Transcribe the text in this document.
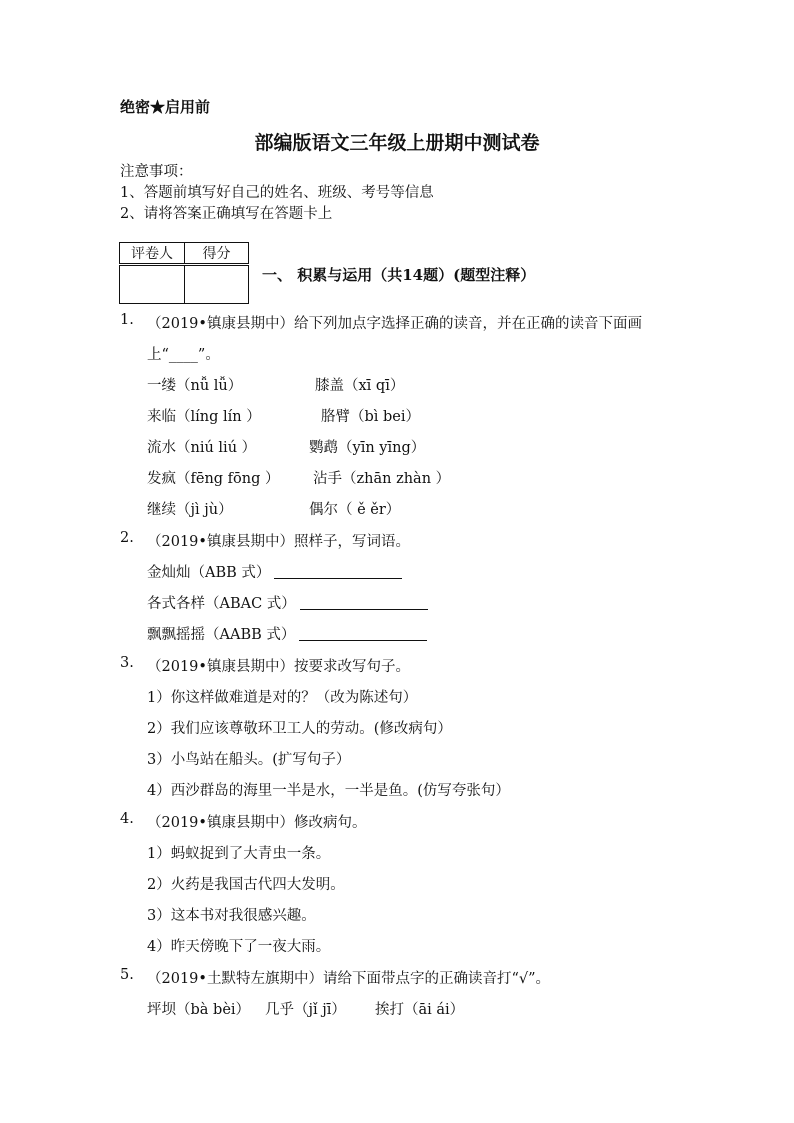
绝密★启用前
部编版语文三年级上册期中测试卷
注意事项：
1、答题前填写好自己的姓名、班级、考号等信息
2、请将答案正确填写在答题卡上
评卷人	得分

一、 积累与运用（共14题）(题型注释）
1. （2019•镇康县期中）给下列加点字选择正确的读音，并在正确的读音下面画
上“____”。
一缕（nǚ lǚ）	膝盖（xī qī）
来临（líng lín ）	胳臂（bì bei）
流水（niú liú ）	鹦鹉（yīn yīng）
发疯（fēng fōng ） 沾手（zhān zhàn ）
继续（jì jù）	偶尔（ ě ěr）
2. （2019•镇康县期中）照样子，写词语。
金灿灿（ABB 式）
各式各样（ABAC 式）
飘飘摇摇（AABB 式）
3. （2019•镇康县期中）按要求改写句子。
1）你这样做难道是对的？（改为陈述句）
2）我们应该尊敬环卫工人的劳动。(修改病句）
3）小鸟站在船头。(扩写句子）
4）西沙群岛的海里一半是水，一半是鱼。(仿写夸张句）
4. （2019•镇康县期中）修改病句。
1）蚂蚁捉到了大青虫一条。
2）火药是我国古代四大发明。
3）这本书对我很感兴趣。
4）昨天傍晚下了一夜大雨。
5. （2019•土默特左旗期中）请给下面带点字的正确读音打“√”。
坪坝（bà bèi） 几乎（jǐ jī） 挨打（āi ái）
